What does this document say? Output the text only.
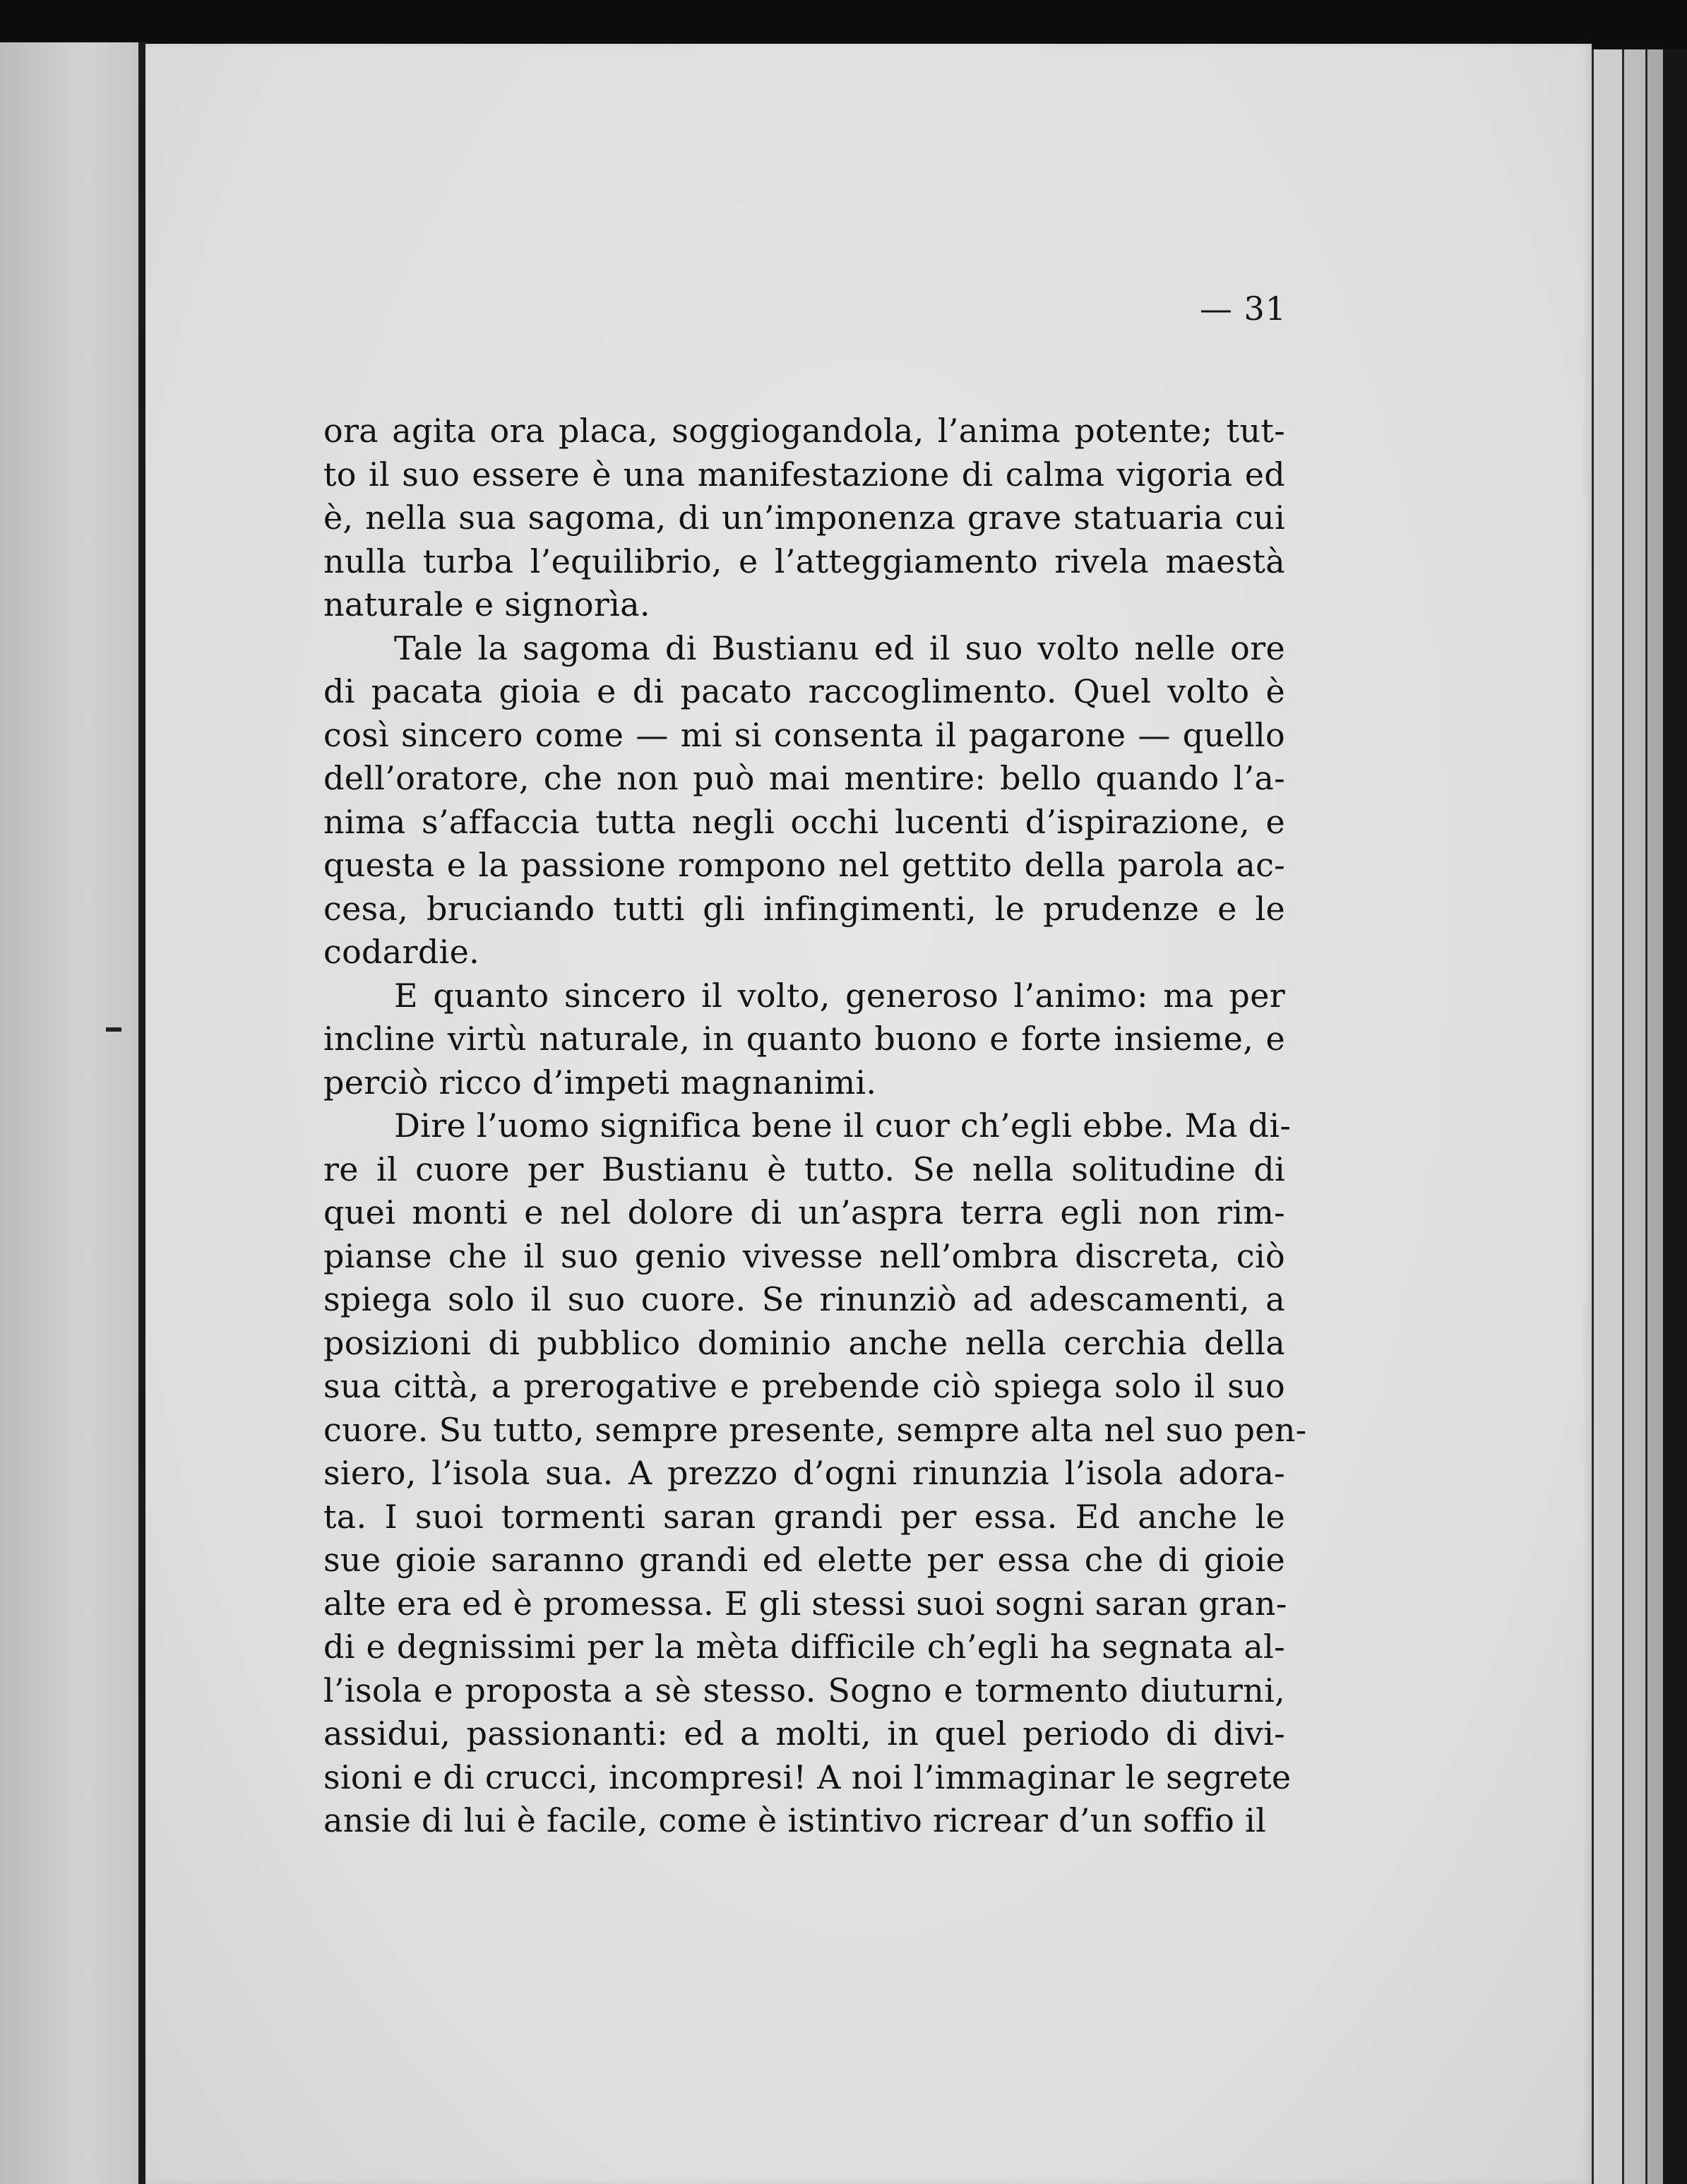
— 31
ora agita ora placa, soggiogandola, l’anima potente; tut-
to il suo essere è una manifestazione di calma vigoria ed
è, nella sua sagoma, di un’imponenza grave statuaria cui
nulla turba l’equilibrio, e l’atteggiamento rivela maestà
naturale e signorìa.
Tale la sagoma di Bustianu ed il suo volto nelle ore
di pacata gioia e di pacato raccoglimento. Quel volto è
così sincero come — mi si consenta il pagarone — quello
dell’oratore, che non può mai mentire: bello quando l’a-
nima s’affaccia tutta negli occhi lucenti d’ispirazione, e
questa e la passione rompono nel gettito della parola ac-
cesa, bruciando tutti gli infingimenti, le prudenze e le
codardie.
E quanto sincero il volto, generoso l’animo: ma per
incline virtù naturale, in quanto buono e forte insieme, e
perciò ricco d’impeti magnanimi.
Dire l’uomo significa bene il cuor ch’egli ebbe. Ma di-
re il cuore per Bustianu è tutto. Se nella solitudine di
quei monti e nel dolore di un’aspra terra egli non rim-
pianse che il suo genio vivesse nell’ombra discreta, ciò
spiega solo il suo cuore. Se rinunziò ad adescamenti, a
posizioni di pubblico dominio anche nella cerchia della
sua città, a prerogative e prebende ciò spiega solo il suo
cuore. Su tutto, sempre presente, sempre alta nel suo pen-
siero, l’isola sua. A prezzo d’ogni rinunzia l’isola adora-
ta. I suoi tormenti saran grandi per essa. Ed anche le
sue gioie saranno grandi ed elette per essa che di gioie
alte era ed è promessa. E gli stessi suoi sogni saran gran-
di e degnissimi per la mèta difficile ch’egli ha segnata al-
l’isola e proposta a sè stesso. Sogno e tormento diuturni,
assidui, passionanti: ed a molti, in quel periodo di divi-
sioni e di crucci, incompresi! A noi l’immaginar le segrete
ansie di lui è facile, come è istintivo ricrear d’un soffio il
